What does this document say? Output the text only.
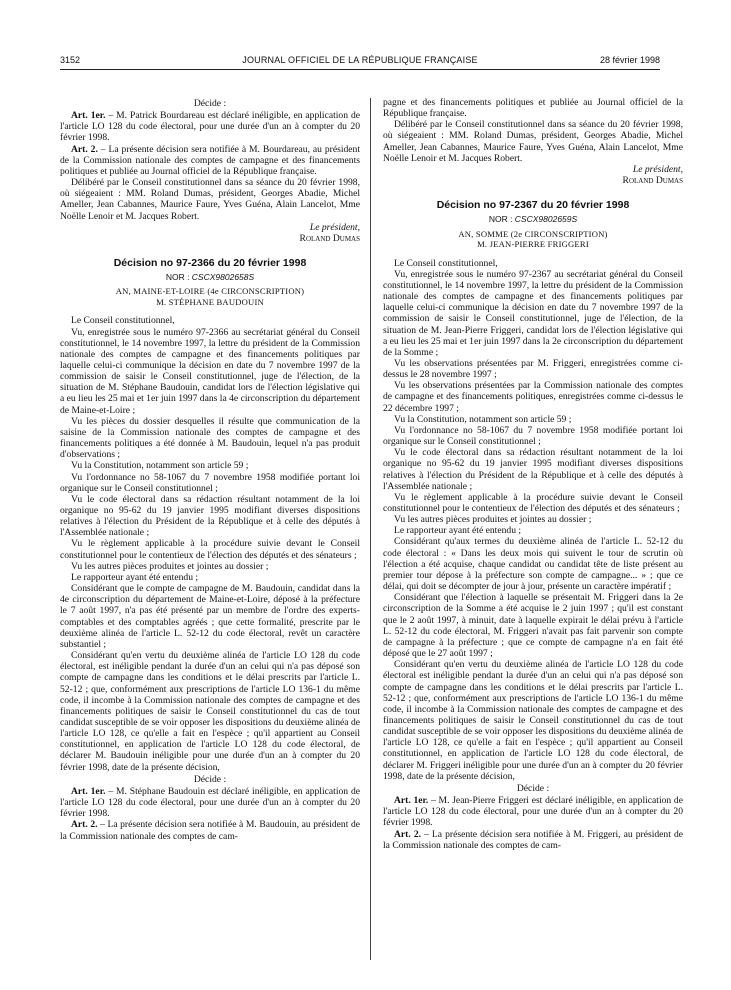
3152	JOURNAL OFFICIEL DE LA RÉPUBLIQUE FRANÇAISE	28 février 1998

Décide :

Art. 1er. – M. Patrick Bourdareau est déclaré inéligible, en application de l'article LO 128 du code électoral, pour une durée d'un an à compter du 20 février 1998.

Art. 2. – La présente décision sera notifiée à M. Bourdareau, au président de la Commission nationale des comptes de campagne et des financements politiques et publiée au Journal officiel de la République française.

Délibéré par le Conseil constitutionnel dans sa séance du 20 février 1998, où siégeaient : MM. Roland Dumas, président, Georges Abadie, Michel Ameller, Jean Cabannes, Maurice Faure, Yves Guéna, Alain Lancelot, Mme Noëlle Lenoir et M. Jacques Robert.

Le président,

Roland Dumas

Décision no 97-2366 du 20 février 1998

NOR : CSCX9802658S

AN, MAINE-ET-LOIRE (4e CIRCONSCRIPTION)
M. STÉPHANE BAUDOUIN

Le Conseil constitutionnel,

Vu, enregistrée sous le numéro 97-2366 au secrétariat général du Conseil constitutionnel, le 14 novembre 1997, la lettre du président de la Commission nationale des comptes de campagne et des financements politiques par laquelle celui-ci communique la décision en date du 7 novembre 1997 de la commission de saisir le Conseil constitutionnel, juge de l'élection, de la situation de M. Stéphane Baudouin, candidat lors de l'élection législative qui a eu lieu les 25 mai et 1er juin 1997 dans la 4e circonscription du département de Maine-et-Loire ;

Vu les pièces du dossier desquelles il résulte que communication de la saisine de la Commission nationale des comptes de campagne et des financements politiques a été donnée à M. Baudouin, lequel n'a pas produit d'observations ;

Vu la Constitution, notamment son article 59 ;

Vu l'ordonnance no 58-1067 du 7 novembre 1958 modifiée portant loi organique sur le Conseil constitutionnel ;

Vu le code électoral dans sa rédaction résultant notamment de la loi organique no 95-62 du 19 janvier 1995 modifiant diverses dispositions relatives à l'élection du Président de la République et à celle des députés à l'Assemblée nationale ;

Vu le règlement applicable à la procédure suivie devant le Conseil constitutionnel pour le contentieux de l'élection des députés et des sénateurs ;

Vu les autres pièces produites et jointes au dossier ;

Le rapporteur ayant été entendu ;

Considérant que le compte de campagne de M. Baudouin, candidat dans la 4e circonscription du département de Maine-et-Loire, déposé à la préfecture le 7 août 1997, n'a pas été présenté par un membre de l'ordre des experts-comptables et des comptables agréés ; que cette formalité, prescrite par le deuxième alinéa de l'article L. 52-12 du code électoral, revêt un caractère substantiel ;

Considérant qu'en vertu du deuxième alinéa de l'article LO 128 du code électoral, est inéligible pendant la durée d'un an celui qui n'a pas déposé son compte de campagne dans les conditions et le délai prescrits par l'article L. 52-12 ; que, conformément aux prescriptions de l'article LO 136-1 du même code, il incombe à la Commission nationale des comptes de campagne et des financements politiques de saisir le Conseil constitutionnel du cas de tout candidat susceptible de se voir opposer les dispositions du deuxième alinéa de l'article LO 128, ce qu'elle a fait en l'espèce ; qu'il appartient au Conseil constitutionnel, en application de l'article LO 128 du code électoral, de déclarer M. Baudouin inéligible pour une durée d'un an à compter du 20 février 1998, date de la présente décision,

Décide :

Art. 1er. – M. Stéphane Baudouin est déclaré inéligible, en application de l'article LO 128 du code électoral, pour une durée d'un an à compter du 20 février 1998.

Art. 2. – La présente décision sera notifiée à M. Baudouin, au président de la Commission nationale des comptes de cam-

pagne et des financements politiques et publiée au Journal officiel de la République française.

Délibéré par le Conseil constitutionnel dans sa séance du 20 février 1998, où siégeaient : MM. Roland Dumas, président, Georges Abadie, Michel Ameller, Jean Cabannes, Maurice Faure, Yves Guéna, Alain Lancelot, Mme Noëlle Lenoir et M. Jacques Robert.

Le président,

Roland Dumas

Décision no 97-2367 du 20 février 1998

NOR : CSCX9802659S

AN, SOMME (2e CIRCONSCRIPTION)
M. JEAN-PIERRE FRIGGERI

Le Conseil constitutionnel,

Vu, enregistrée sous le numéro 97-2367 au secrétariat général du Conseil constitutionnel, le 14 novembre 1997, la lettre du président de la Commission nationale des comptes de campagne et des financements politiques par laquelle celui-ci communique la décision en date du 7 novembre 1997 de la commission de saisir le Conseil constitutionnel, juge de l'élection, de la situation de M. Jean-Pierre Friggeri, candidat lors de l'élection législative qui a eu lieu les 25 mai et 1er juin 1997 dans la 2e circonscription du département de la Somme ;

Vu les observations présentées par M. Friggeri, enregistrées comme ci-dessus le 28 novembre 1997 ;

Vu les observations présentées par la Commission nationale des comptes de campagne et des financements politiques, enregistrées comme ci-dessus le 22 décembre 1997 ;

Vu la Constitution, notamment son article 59 ;

Vu l'ordonnance no 58-1067 du 7 novembre 1958 modifiée portant loi organique sur le Conseil constitutionnel ;

Vu le code électoral dans sa rédaction résultant notamment de la loi organique no 95-62 du 19 janvier 1995 modifiant diverses dispositions relatives à l'élection du Président de la République et à celle des députés à l'Assemblée nationale ;

Vu le règlement applicable à la procédure suivie devant le Conseil constitutionnel pour le contentieux de l'élection des députés et des sénateurs ;

Vu les autres pièces produites et jointes au dossier ;

Le rapporteur ayant été entendu ;

Considérant qu'aux termes du deuxième alinéa de l'article L. 52-12 du code électoral : « Dans les deux mois qui suivent le tour de scrutin où l'élection a été acquise, chaque candidat ou candidat tête de liste présent au premier tour dépose à la préfecture son compte de campagne... » ; que ce délai, qui doit se décompter de jour à jour, présente un caractère impératif ;

Considérant que l'élection à laquelle se présentait M. Friggeri dans la 2e circonscription de la Somme a été acquise le 2 juin 1997 ; qu'il est constant que le 2 août 1997, à minuit, date à laquelle expirait le délai prévu à l'article L. 52-12 du code électoral, M. Friggeri n'avait pas fait parvenir son compte de campagne à la préfecture ; que ce compte de campagne n'a en fait été déposé que le 27 août 1997 ;

Considérant qu'en vertu du deuxième alinéa de l'article LO 128 du code électoral est inéligible pendant la durée d'un an celui qui n'a pas déposé son compte de campagne dans les conditions et le délai prescrits par l'article L. 52-12 ; que, conformément aux prescriptions de l'article LO 136-1 du même code, il incombe à la Commission nationale des comptes de campagne et des financements politiques de saisir le Conseil constitutionnel du cas de tout candidat susceptible de se voir opposer les dispositions du deuxième alinéa de l'article LO 128, ce qu'elle a fait en l'espèce ; qu'il appartient au Conseil constitutionnel, en application de l'article LO 128 du code électoral, de déclarer M. Friggeri inéligible pour une durée d'un an à compter du 20 février 1998, date de la présente décision,

Décide :

Art. 1er. – M. Jean-Pierre Friggeri est déclaré inéligible, en application de l'article LO 128 du code électoral, pour une durée d'un an à compter du 20 février 1998.

Art. 2. – La présente décision sera notifiée à M. Friggeri, au président de la Commission nationale des comptes de cam-
